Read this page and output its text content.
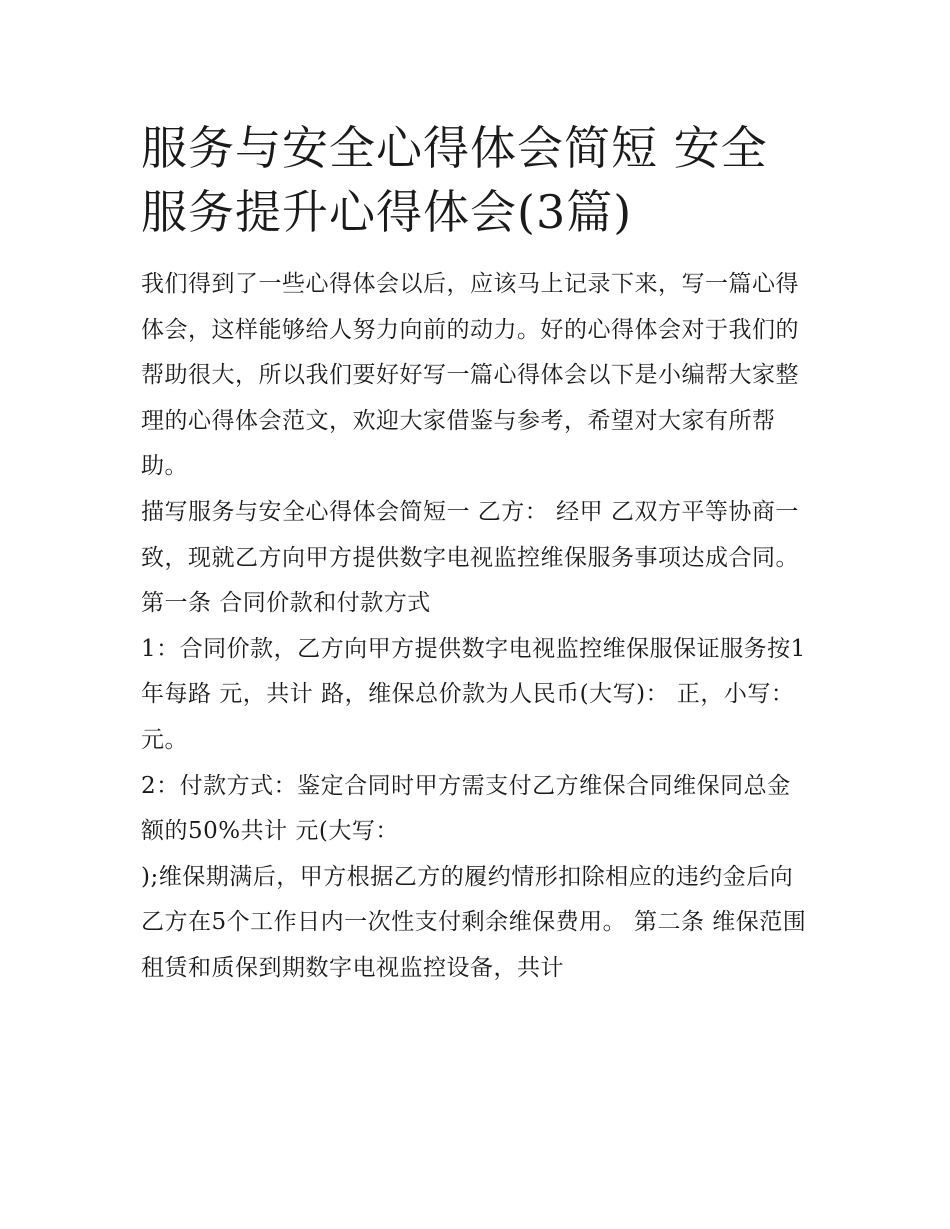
服务与安全心得体会简短 安全服务提升心得体会(3篇)

我们得到了一些心得体会以后，应该马上记录下来，写一篇心得体会，这样能够给人努力向前的动力。好的心得体会对于我们的帮助很大，所以我们要好好写一篇心得体会以下是小编帮大家整理的心得体会范文，欢迎大家借鉴与参考，希望对大家有所帮助。

描写服务与安全心得体会简短一 乙方： 经甲 乙双方平等协商一致，现就乙方向甲方提供数字电视监控维保服务事项达成合同。 第一条 合同价款和付款方式

1：合同价款，乙方向甲方提供数字电视监控维保服保证服务按1年每路 元，共计 路，维保总价款为人民币(大写)： 正，小写： 元。

2：付款方式：鉴定合同时甲方需支付乙方维保合同维保同总金额的50%共计 元(大写：

);维保期满后，甲方根据乙方的履约情形扣除相应的违约金后向乙方在5个工作日内一次性支付剩余维保费用。 第二条 维保范围 租赁和质保到期数字电视监控设备，共计
